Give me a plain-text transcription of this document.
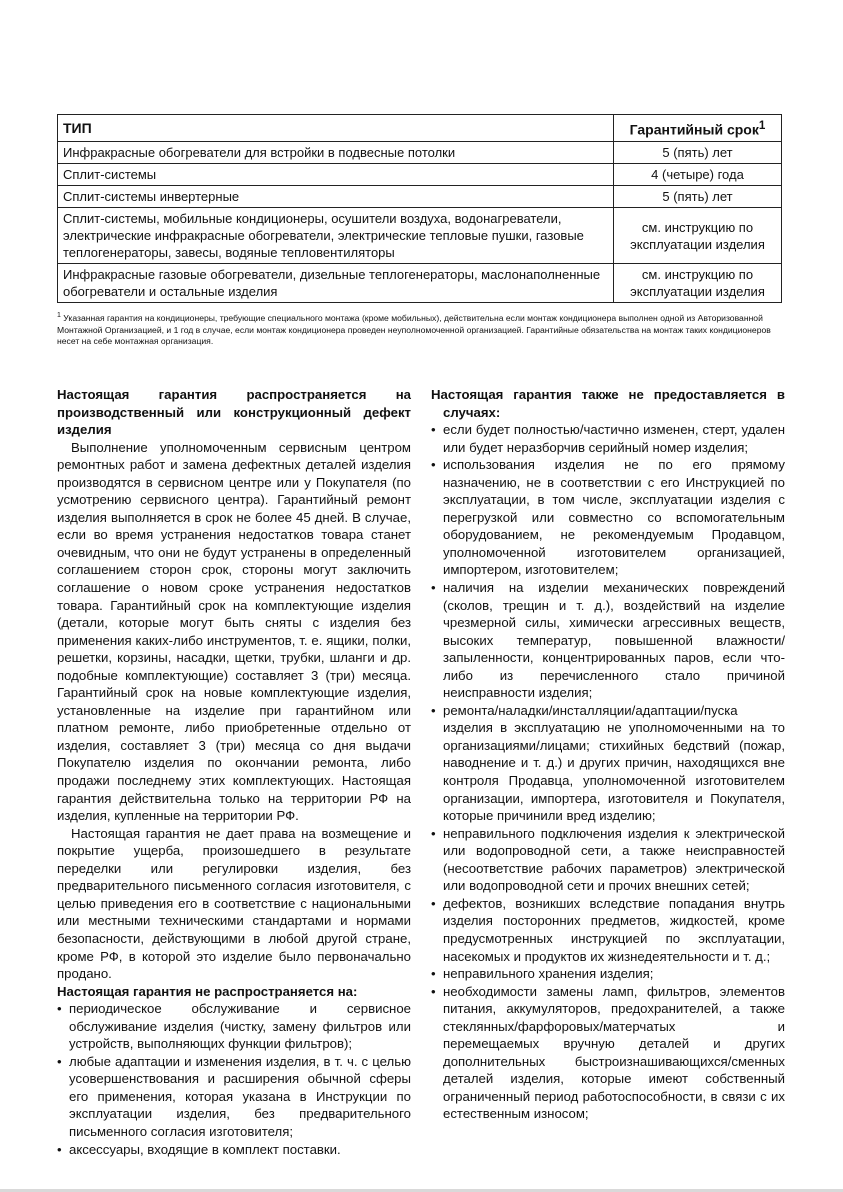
ТИП	Гарантийный срок$^1$
Инфракрасные обогреватели для встройки в подвесные потолки	5 (пять) лет
Сплит-системы	4 (четыре) года
Сплит-системы инвертерные	5 (пять) лет
Сплит-системы, мобильные кондиционеры, осушители воздуха, водонагреватели, электрические инфракрасные обогреватели, электрические тепловые пушки, газовые теплогенераторы, завесы, водяные тепловентиляторы	см. инструкцию по эксплуатации изделия
Инфракрасные газовые обогреватели, дизельные теплогенераторы, маслонаполненные обогреватели и остальные изделия	см. инструкцию по эксплуатации изделия
$^1$ Указанная гарантия на кондиционеры, требующие специального монтажа (кроме мобильных), действительна если монтаж кондиционера выполнен одной из Авторизованной Монтажной Организацией, и 1 год в случае, если монтаж кондиционера проведен неуполномоченной организацией. Гарантийные обязательства на монтаж таких кондиционеров несет на себе монтажная организация.
Настоящая гарантия распространяется на производственный или конструкционный дефект изделия

Выполнение уполномоченным сервисным центром ремонтных работ и замена дефектных деталей изделия производятся в сервисном центре или у Покупателя (по усмотрению сервисного центра). Гарантийный ремонт изделия выполняется в срок не более 45 дней. В случае, если во время устранения недостатков товара станет очевидным, что они не будут устранены в определенный соглашением сторон срок, стороны могут заключить соглашение о новом сроке устранения недостатков товара. Гарантийный срок на комплектующие изделия (детали, которые могут быть сняты с изделия без применения каких-либо инструментов, т. е. ящики, полки, решетки, корзины, насадки, щетки, трубки, шланги и др. подобные комплектующие) составляет 3 (три) месяца. Гарантийный срок на новые комплектующие изделия, установленные на изделие при гарантийном или платном ремонте, либо приобретенные отдельно от изделия, составляет 3 (три) месяца со дня выдачи Покупателю изделия по окончании ремонта, либо продажи последнему этих комплектующих. Настоящая гарантия действительна только на территории РФ на изделия, купленные на территории РФ.

Настоящая гарантия не дает права на возмещение и покрытие ущерба, произошедшего в результате переделки или регулировки изделия, без предварительного письменного согласия изготовителя, с целью приведения его в соответствие с национальными или местными техническими стандартами и нормами безопасности, действующими в любой другой стране, кроме РФ, в которой это изделие было первоначально продано.

Настоящая гарантия не распространяется на:
• периодическое обслуживание и сервисное обслуживание изделия (чистку, замену фильтров или устройств, выполняющих функции фильтров);
• любые адаптации и изменения изделия, в т. ч. с целью усовершенствования и расширения обычной сферы его применения, которая указана в Инструкции по эксплуатации изделия, без предварительного письменного согласия изготовителя;
• аксессуары, входящие в комплект поставки.
Настоящая гарантия также не предоставляется в случаях:
• если будет полностью/частично изменен, стерт, удален или будет неразборчив серийный номер изделия;
• использования изделия не по его прямому назначению, не в соответствии с его Инструкцией по эксплуатации, в том числе, эксплуатации изделия с перегрузкой или совместно со вспомогательным оборудованием, не рекомендуемым Продавцом, уполномоченной изготовителем организацией, импортером, изготовителем;
• наличия на изделии механических повреждений (сколов, трещин и т. д.), воздействий на изделие чрезмерной силы, химически агрессивных веществ, высоких температур, повышенной влажности/запыленности, концентрированных паров, если что-либо из перечисленного стало причиной неисправности изделия;
• ремонта/наладки/инсталляции/адаптации/пуска изделия в эксплуатацию не уполномоченными на то организациями/лицами; стихийных бедствий (пожар, наводнение и т. д.) и других причин, находящихся вне контроля Продавца, уполномоченной изготовителем организации, импортера, изготовителя и Покупателя, которые причинили вред изделию;
• неправильного подключения изделия к электрической или водопроводной сети, а также неисправностей (несоответствие рабочих параметров) электрической или водопроводной сети и прочих внешних сетей;
• дефектов, возникших вследствие попадания внутрь изделия посторонних предметов, жидкостей, кроме предусмотренных инструкцией по эксплуатации, насекомых и продуктов их жизнедеятельности и т. д.;
• неправильного хранения изделия;
• необходимости замены ламп, фильтров, элементов питания, аккумуляторов, предохранителей, а также стеклянных/фарфоровых/матерчатых и перемещаемых вручную деталей и других дополнительных быстроизнашивающихся/сменных деталей изделия, которые имеют собственный ограниченный период работоспособности, в связи с их естественным износом;
